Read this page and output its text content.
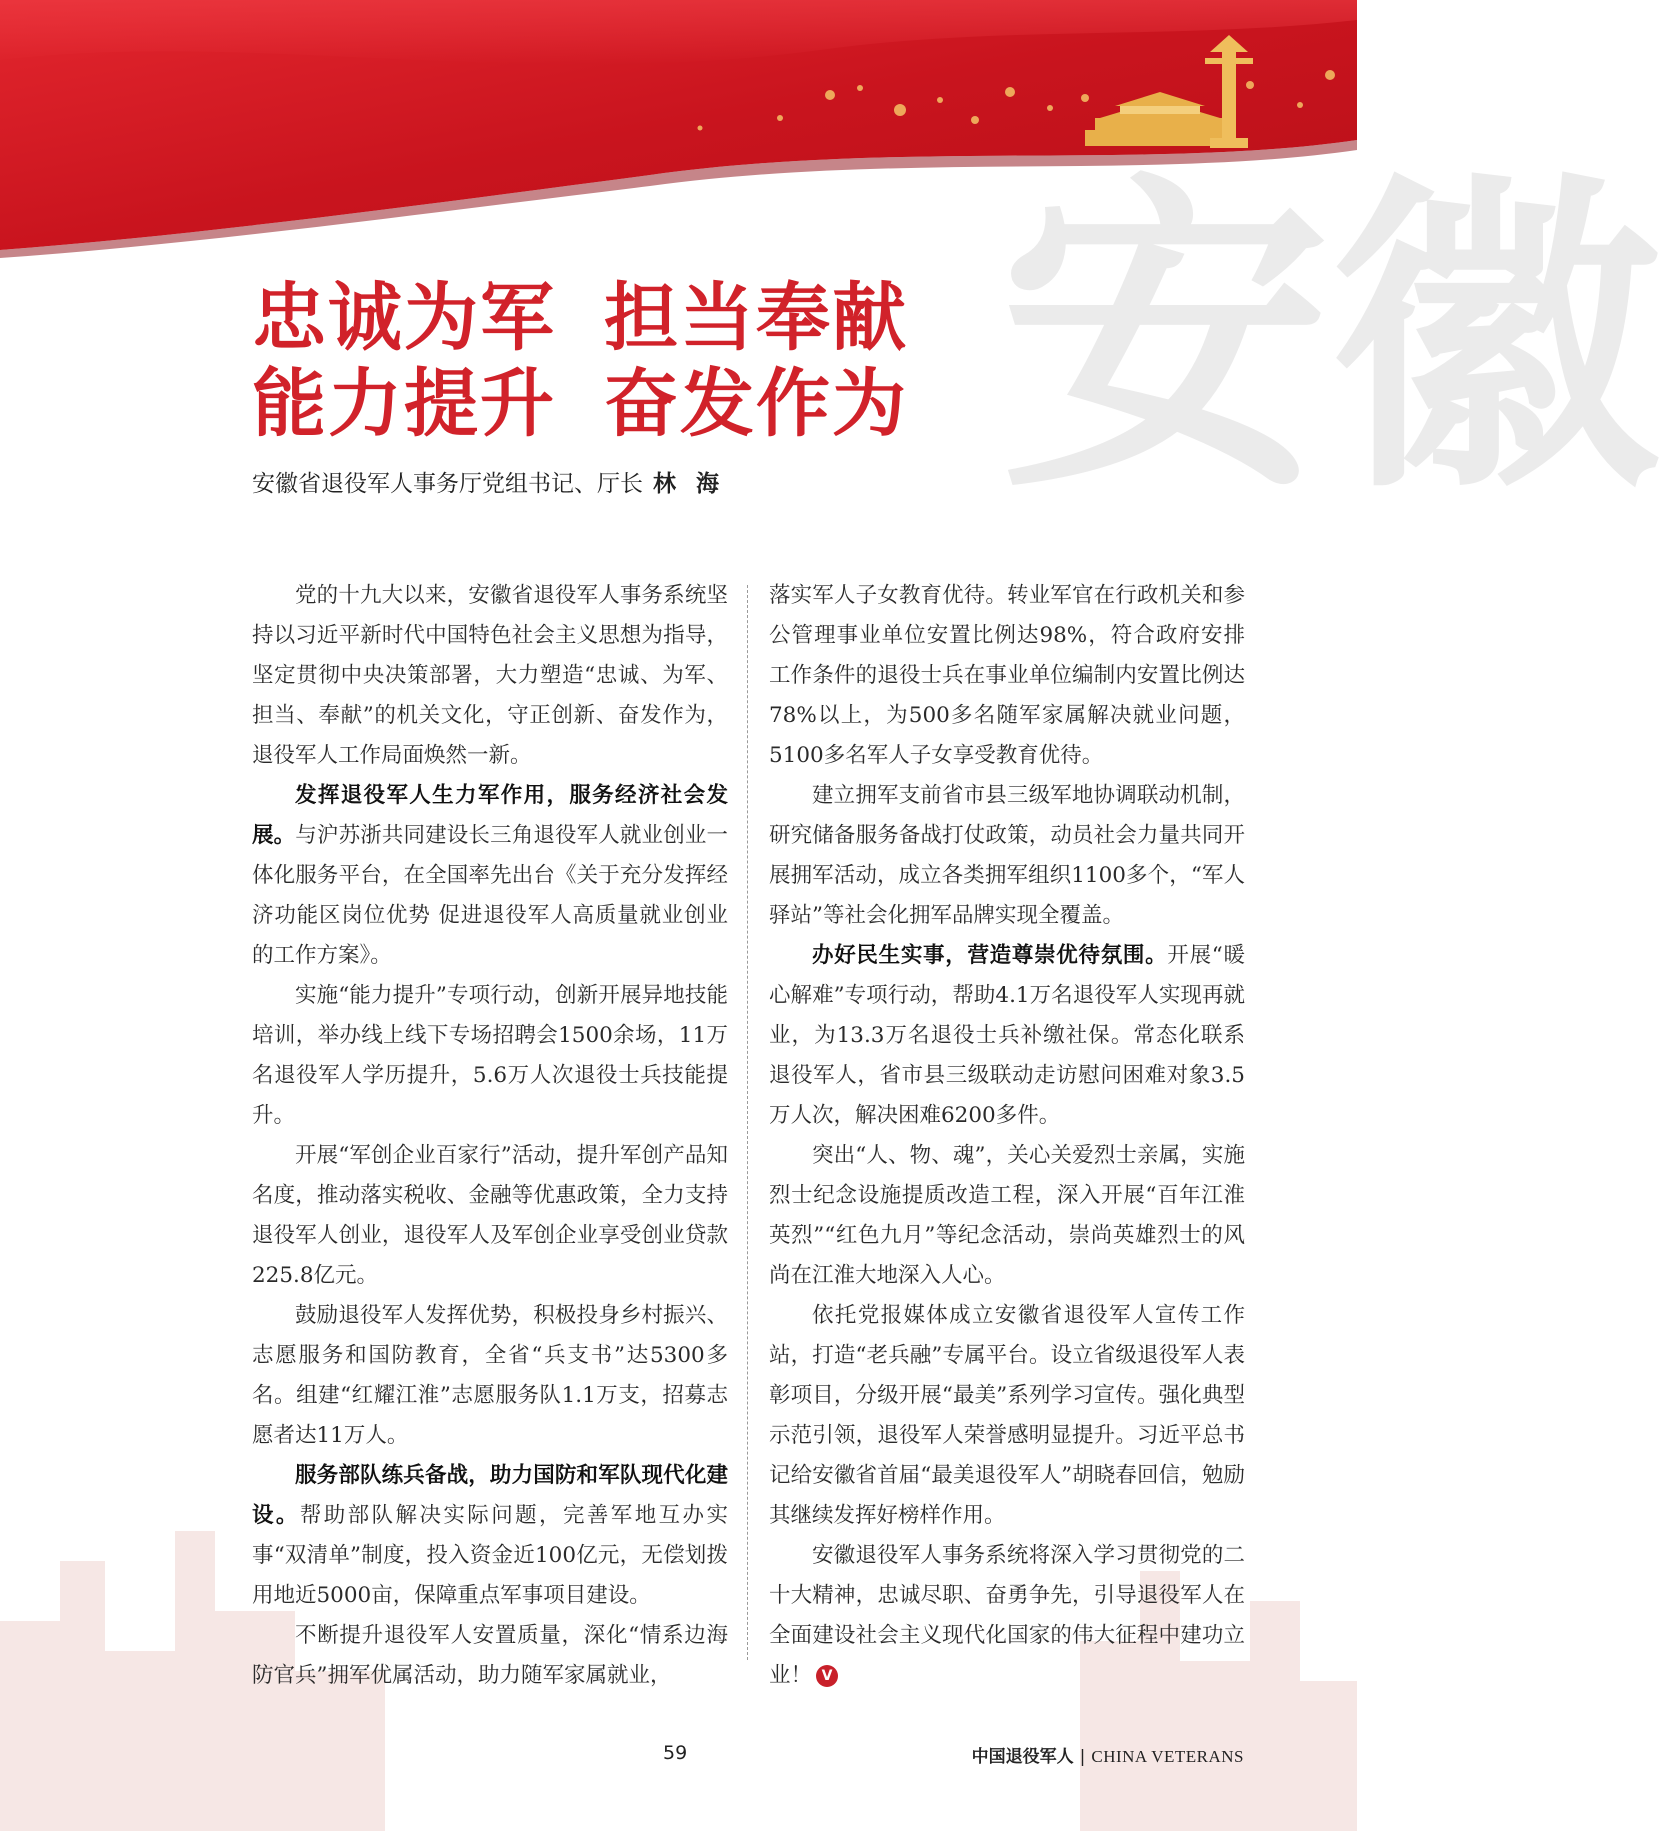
安徽
忠诚为军 担当奉献
能力提升 奋发作为
安徽省退役军人事务厅党组书记、厅长 林 海

党的十九大以来，安徽省退役军人事务系统坚持以习近平新时代中国特色社会主义思想为指导，坚定贯彻中央决策部署，大力塑造“忠诚、为军、担当、奉献”的机关文化，守正创新、奋发作为，退役军人工作局面焕然一新。

发挥退役军人生力军作用，服务经济社会发展。与沪苏浙共同建设长三角退役军人就业创业一体化服务平台，在全国率先出台《关于充分发挥经济功能区岗位优势 促进退役军人高质量就业创业的工作方案》。

实施“能力提升”专项行动，创新开展异地技能培训，举办线上线下专场招聘会1500余场，11万名退役军人学历提升，5.6万人次退役士兵技能提升。

开展“军创企业百家行”活动，提升军创产品知名度，推动落实税收、金融等优惠政策，全力支持退役军人创业，退役军人及军创企业享受创业贷款225.8亿元。

鼓励退役军人发挥优势，积极投身乡村振兴、志愿服务和国防教育，全省“兵支书”达5300多名。组建“红耀江淮”志愿服务队1.1万支，招募志愿者达11万人。

服务部队练兵备战，助力国防和军队现代化建设。帮助部队解决实际问题，完善军地互办实事“双清单”制度，投入资金近100亿元，无偿划拨用地近5000亩，保障重点军事项目建设。

不断提升退役军人安置质量，深化“情系边海防官兵”拥军优属活动，助力随军家属就业，

落实军人子女教育优待。转业军官在行政机关和参公管理事业单位安置比例达98%，符合政府安排工作条件的退役士兵在事业单位编制内安置比例达78%以上，为500多名随军家属解决就业问题，5100多名军人子女享受教育优待。

建立拥军支前省市县三级军地协调联动机制，研究储备服务备战打仗政策，动员社会力量共同开展拥军活动，成立各类拥军组织1100多个，“军人驿站”等社会化拥军品牌实现全覆盖。

办好民生实事，营造尊崇优待氛围。开展“暖心解难”专项行动，帮助4.1万名退役军人实现再就业，为13.3万名退役士兵补缴社保。常态化联系退役军人，省市县三级联动走访慰问困难对象3.5万人次，解决困难6200多件。

突出“人、物、魂”，关心关爱烈士亲属，实施烈士纪念设施提质改造工程，深入开展“百年江淮英烈”“红色九月”等纪念活动，崇尚英雄烈士的风尚在江淮大地深入人心。

依托党报媒体成立安徽省退役军人宣传工作站，打造“老兵融”专属平台。设立省级退役军人表彰项目，分级开展“最美”系列学习宣传。强化典型示范引领，退役军人荣誉感明显提升。习近平总书记给安徽省首届“最美退役军人”胡晓春回信，勉励其继续发挥好榜样作用。

安徽退役军人事务系统将深入学习贯彻党的二十大精神，忠诚尽职、奋勇争先，引导退役军人在全面建设社会主义现代化国家的伟大征程中建功立业！ V

59	中国退役军人 | CHINA VETERANS
